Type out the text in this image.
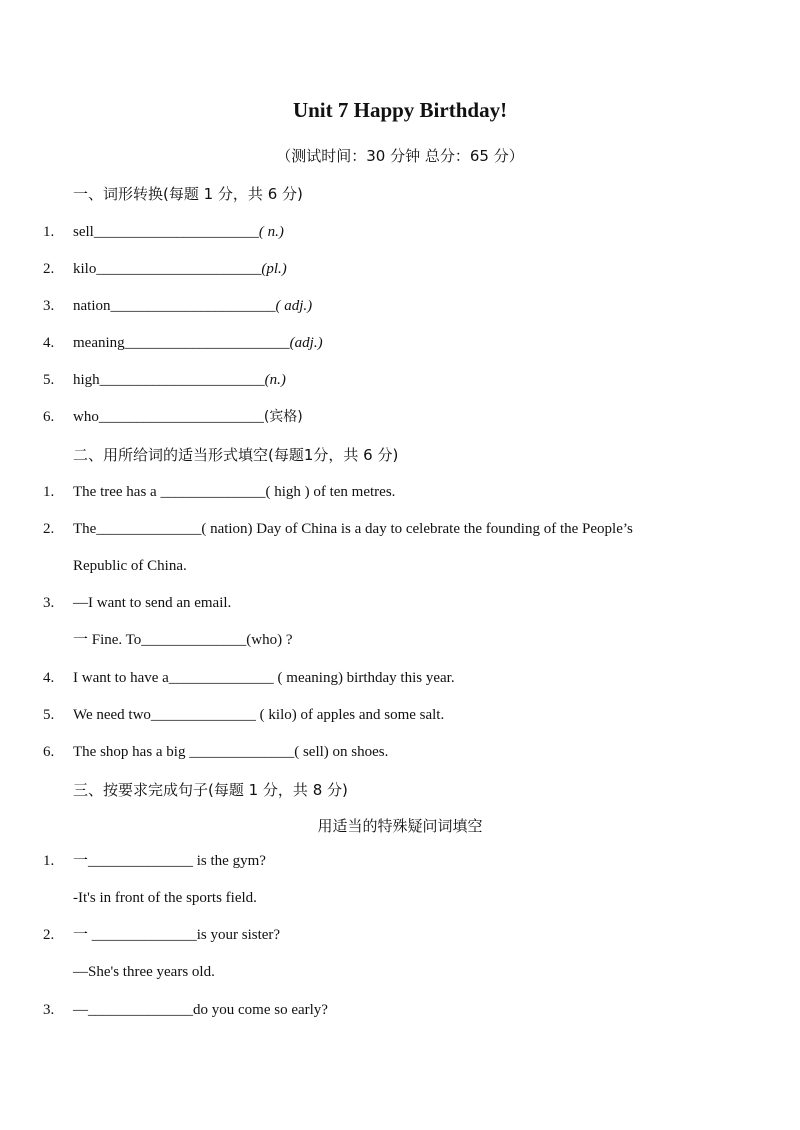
Unit 7 Happy Birthday!
（测试时间：30 分钟 总分：65 分）
一、词形转换(每题 1 分，共 6 分)
1. sell______________________( n.)
2. kilo______________________(pl.)
3. nation______________________( adj.)
4. meaning______________________(adj.)
5. high______________________(n.)
6. who______________________(宾格)
二、用所给词的适当形式填空(每题1分，共 6 分)
1. The tree has a ______________( high ) of ten metres.
2. The______________( nation) Day of China is a day to celebrate the founding of the People’s
Republic of China.
3. —I want to send an email.
一 Fine. To______________(who) ?
4. I want to have a______________ ( meaning) birthday this year.
5. We need two______________ ( kilo) of apples and some salt.
6. The shop has a big ______________( sell) on shoes.
三、按要求完成句子(每题 1 分，共 8 分)
用适当的特殊疑问词填空
1. 一______________ is the gym?
-It's in front of the sports field.
2. 一 ______________is your sister?
—She's three years old.
3. —______________do you come so early?
